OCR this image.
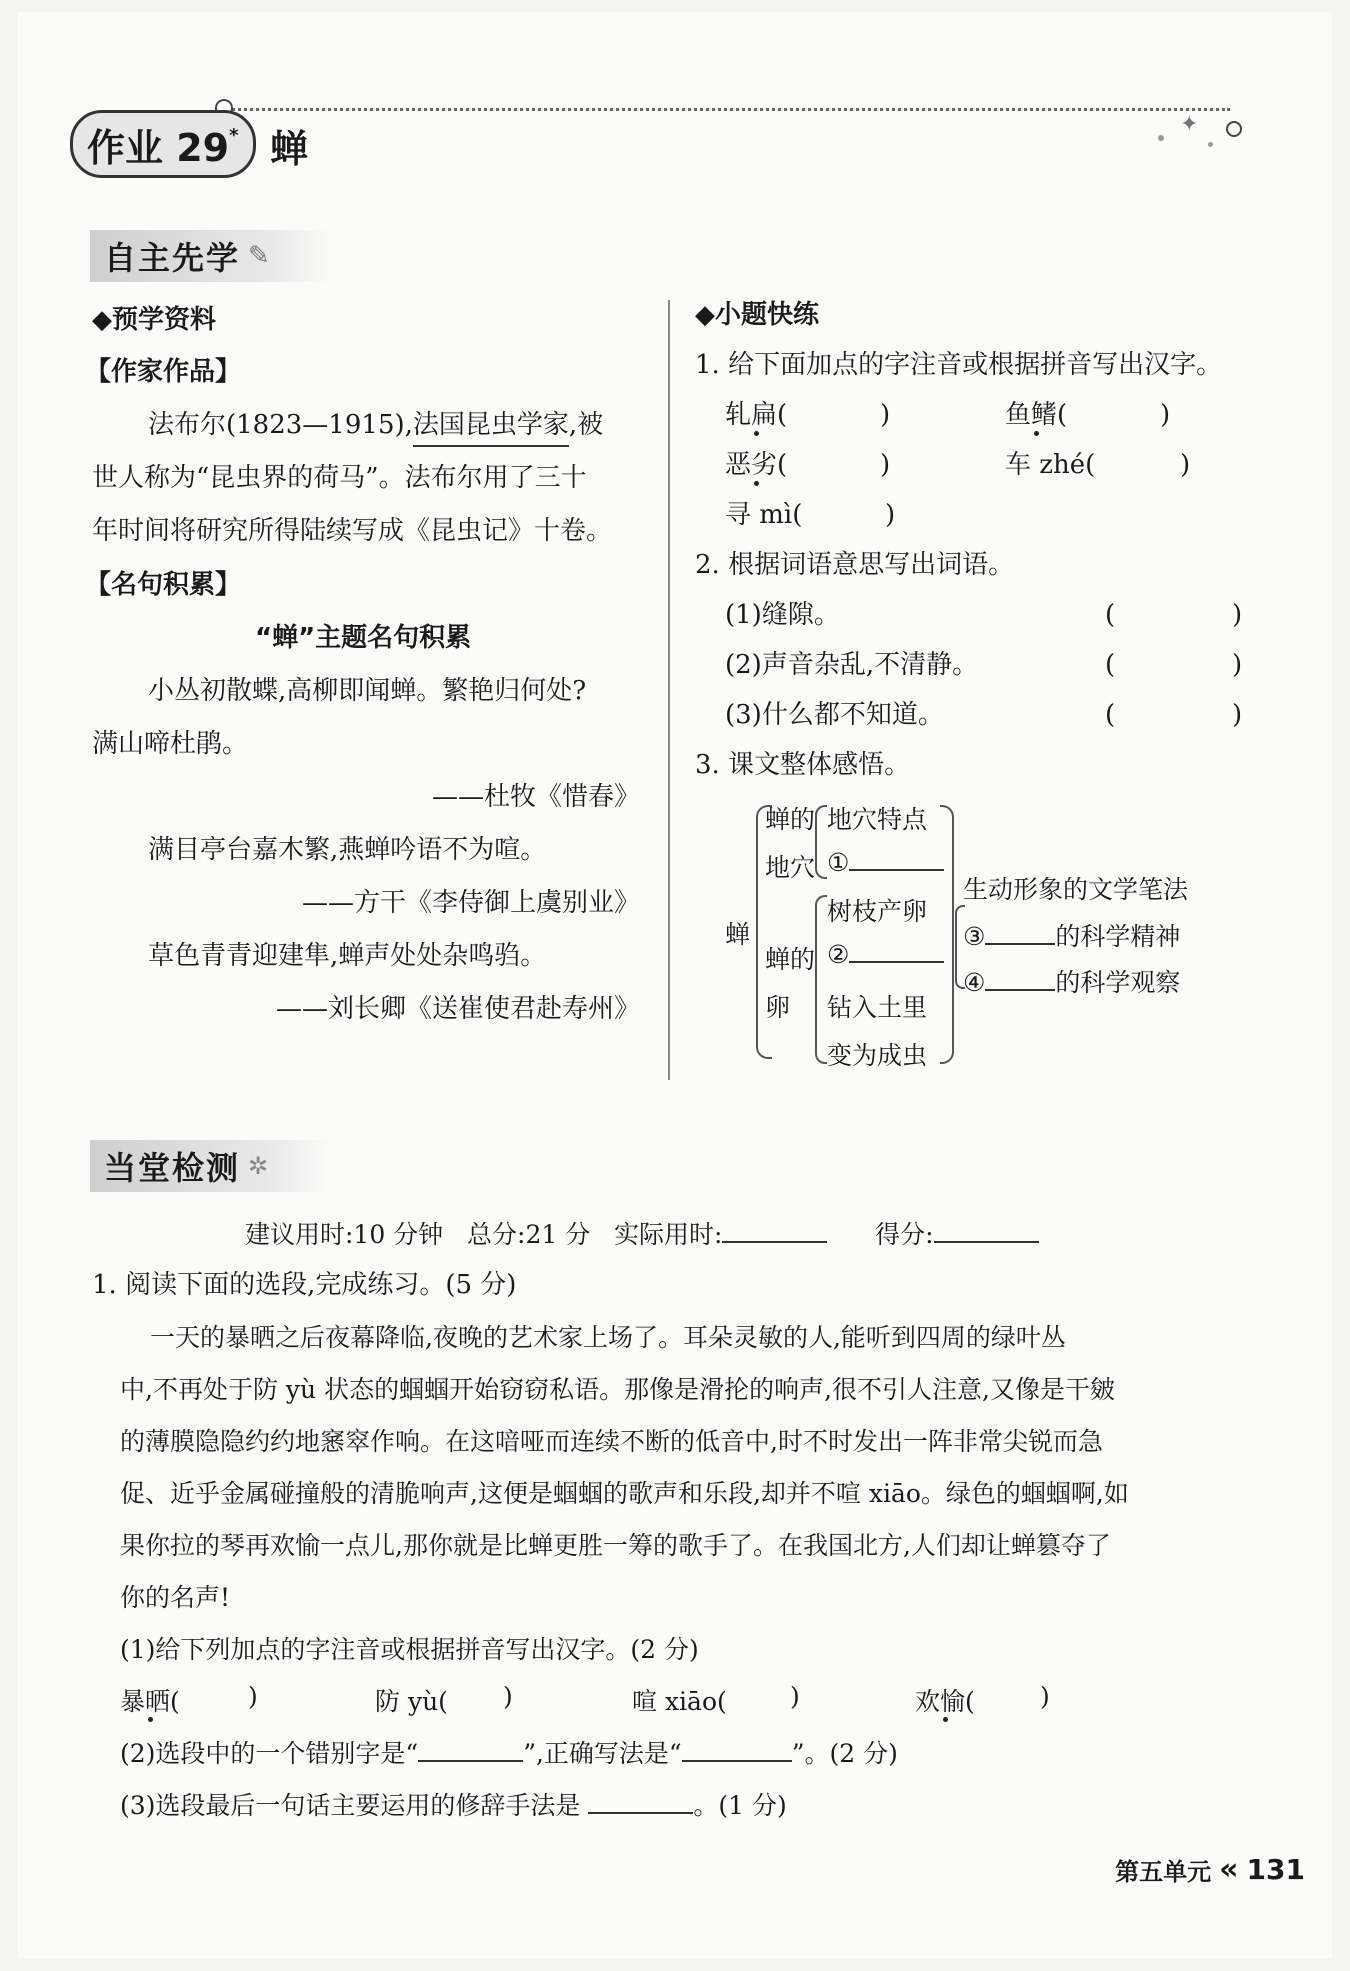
✦
作业 29 * 蝉
自主先学 ✎
◆预学资料
【作家作品】
法布尔(1823—1915),法国昆虫学家,被
世人称为“昆虫界的荷马”。法布尔用了三十
年时间将研究所得陆续写成《昆虫记》十卷。
【名句积累】
“蝉”主题名句积累
小丛初散蝶,高柳即闻蝉。繁艳归何处?
满山啼杜鹃。
——杜牧《惜春》
满目亭台嘉木繁,燕蝉吟语不为喧。
——方干《李侍御上虞别业》
草色青青迎建隼,蝉声处处杂鸣驺。
——刘长卿《送崔使君赴寿州》
◆小题快练
1. 给下面加点的字注音或根据拼音写出汉字。
轧扁(	)	鱼鳍(	)
恶劣(	)	车 zhé(	)
寻 mì(	)
2. 根据词语意思写出词语。
(1)缝隙。	(	)
(2)声音杂乱,不清静。	(	)
(3)什么都不知道。	(	)
3. 课文整体感悟。
蝉
蝉的
地穴
地穴特点
①
蝉的
卵
树枝产卵
②
钻入土里
变为成虫
生动形象的文学笔法
③	的科学精神
④	的科学观察
当堂检测 ✲
建议用时:10 分钟   总分:21 分   实际用时:	得分:
1. 阅读下面的选段,完成练习。(5 分)
一天的暴晒之后夜幕降临,夜晚的艺术家上场了。耳朵灵敏的人,能听到四周的绿叶丛
中,不再处于防 yù 状态的蝈蝈开始窃窃私语。那像是滑抡的响声,很不引人注意,又像是干皴
的薄膜隐隐约约地窸窣作响。在这喑哑而连续不断的低音中,时不时发出一阵非常尖锐而急
促、近乎金属碰撞般的清脆响声,这便是蝈蝈的歌声和乐段,却并不喧 xiāo。绿色的蝈蝈啊,如
果你拉的琴再欢愉一点儿,那你就是比蝉更胜一筹的歌手了。在我国北方,人们却让蝉篡夺了
你的名声!
(1)给下列加点的字注音或根据拼音写出汉字。(2 分)
暴晒(	)	防 yù( )	喧 xiāo(	)	欢愉(	)
(2)选段中的一个错别字是“	”,正确写法是“	”。(2 分)
(3)选段最后一句话主要运用的修辞手法是	。(1 分)
第五单元 « 131
